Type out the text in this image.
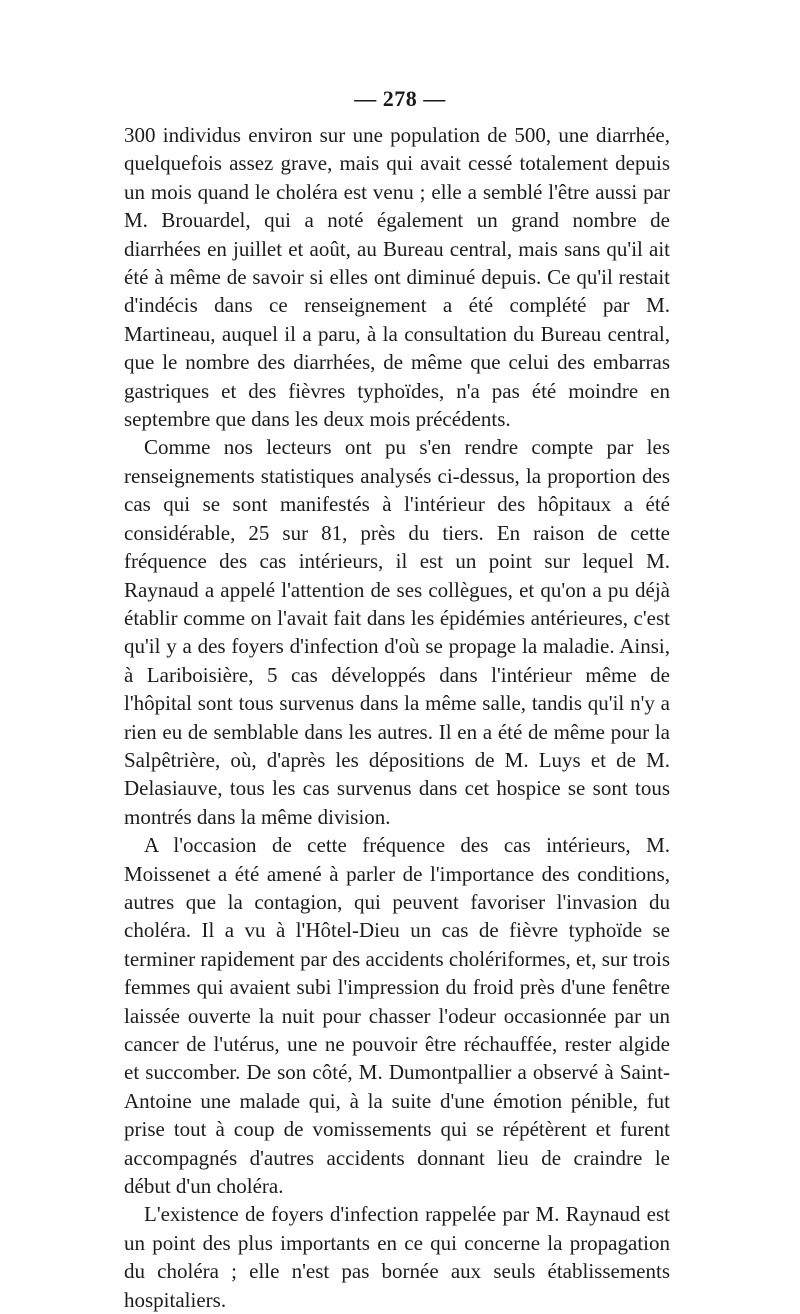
— 278 —

300 individus environ sur une population de 500, une diarrhée, quelquefois assez grave, mais qui avait cessé totalement depuis un mois quand le choléra est venu ; elle a semblé l'être aussi par M. Brouardel, qui a noté également un grand nombre de diarrhées en juillet et août, au Bureau central, mais sans qu'il ait été à même de savoir si elles ont diminué depuis. Ce qu'il restait d'indécis dans ce renseignement a été complété par M. Martineau, auquel il a paru, à la consultation du Bureau central, que le nombre des diarrhées, de même que celui des embarras gastriques et des fièvres typhoïdes, n'a pas été moindre en septembre que dans les deux mois précédents.

Comme nos lecteurs ont pu s'en rendre compte par les renseignements statistiques analysés ci-dessus, la proportion des cas qui se sont manifestés à l'intérieur des hôpitaux a été considérable, 25 sur 81, près du tiers. En raison de cette fréquence des cas intérieurs, il est un point sur lequel M. Raynaud a appelé l'attention de ses collègues, et qu'on a pu déjà établir comme on l'avait fait dans les épidémies antérieures, c'est qu'il y a des foyers d'infection d'où se propage la maladie. Ainsi, à Lariboisière, 5 cas développés dans l'intérieur même de l'hôpital sont tous survenus dans la même salle, tandis qu'il n'y a rien eu de semblable dans les autres. Il en a été de même pour la Salpêtrière, où, d'après les dépositions de M. Luys et de M. Delasiauve, tous les cas survenus dans cet hospice se sont tous montrés dans la même division.

A l'occasion de cette fréquence des cas intérieurs, M. Moissenet a été amené à parler de l'importance des conditions, autres que la contagion, qui peuvent favoriser l'invasion du choléra. Il a vu à l'Hôtel-Dieu un cas de fièvre typhoïde se terminer rapidement par des accidents cholériformes, et, sur trois femmes qui avaient subi l'impression du froid près d'une fenêtre laissée ouverte la nuit pour chasser l'odeur occasionnée par un cancer de l'utérus, une ne pouvoir être réchauffée, rester algide et succomber. De son côté, M. Dumontpallier a observé à Saint-Antoine une malade qui, à la suite d'une émotion pénible, fut prise tout à coup de vomissements qui se répétèrent et furent accompagnés d'autres accidents donnant lieu de craindre le début d'un choléra.

L'existence de foyers d'infection rappelée par M. Raynaud est un point des plus importants en ce qui concerne la propagation du choléra ; elle n'est pas bornée aux seuls établissements hospitaliers.
